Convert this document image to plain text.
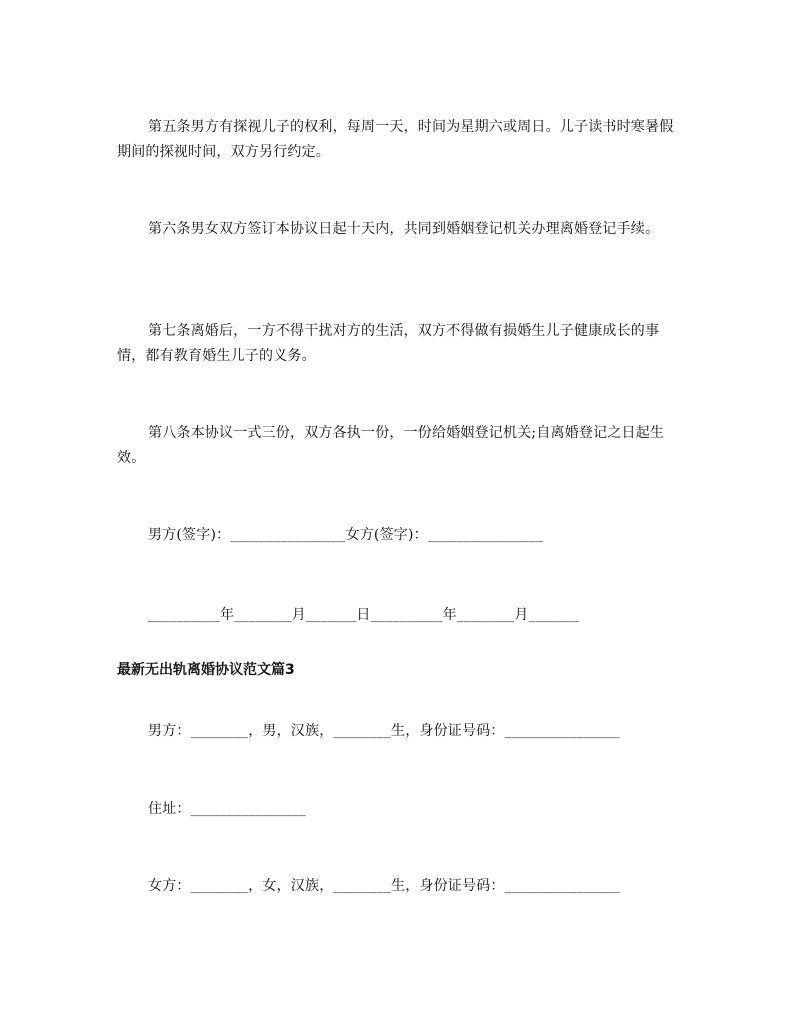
第五条男方有探视儿子的权利，每周一天，时间为星期六或周日。儿子读书时寒暑假期间的探视时间，双方另行约定。

第六条男女双方签订本协议日起十天内，共同到婚姻登记机关办理离婚登记手续。

第七条离婚后，一方不得干扰对方的生活，双方不得做有损婚生儿子健康成长的事情，都有教育婚生儿子的义务。

第八条本协议一式三份，双方各执一份，一份给婚姻登记机关;自离婚登记之日起生效。

男方(签字)：________________女方(签字)：________________

__________年________月_______日__________年________月_______

最新无出轨离婚协议范文篇3

男方：________，男，汉族，________生，身份证号码：________________

住址：________________

女方：________，女，汉族，________生，身份证号码：________________
